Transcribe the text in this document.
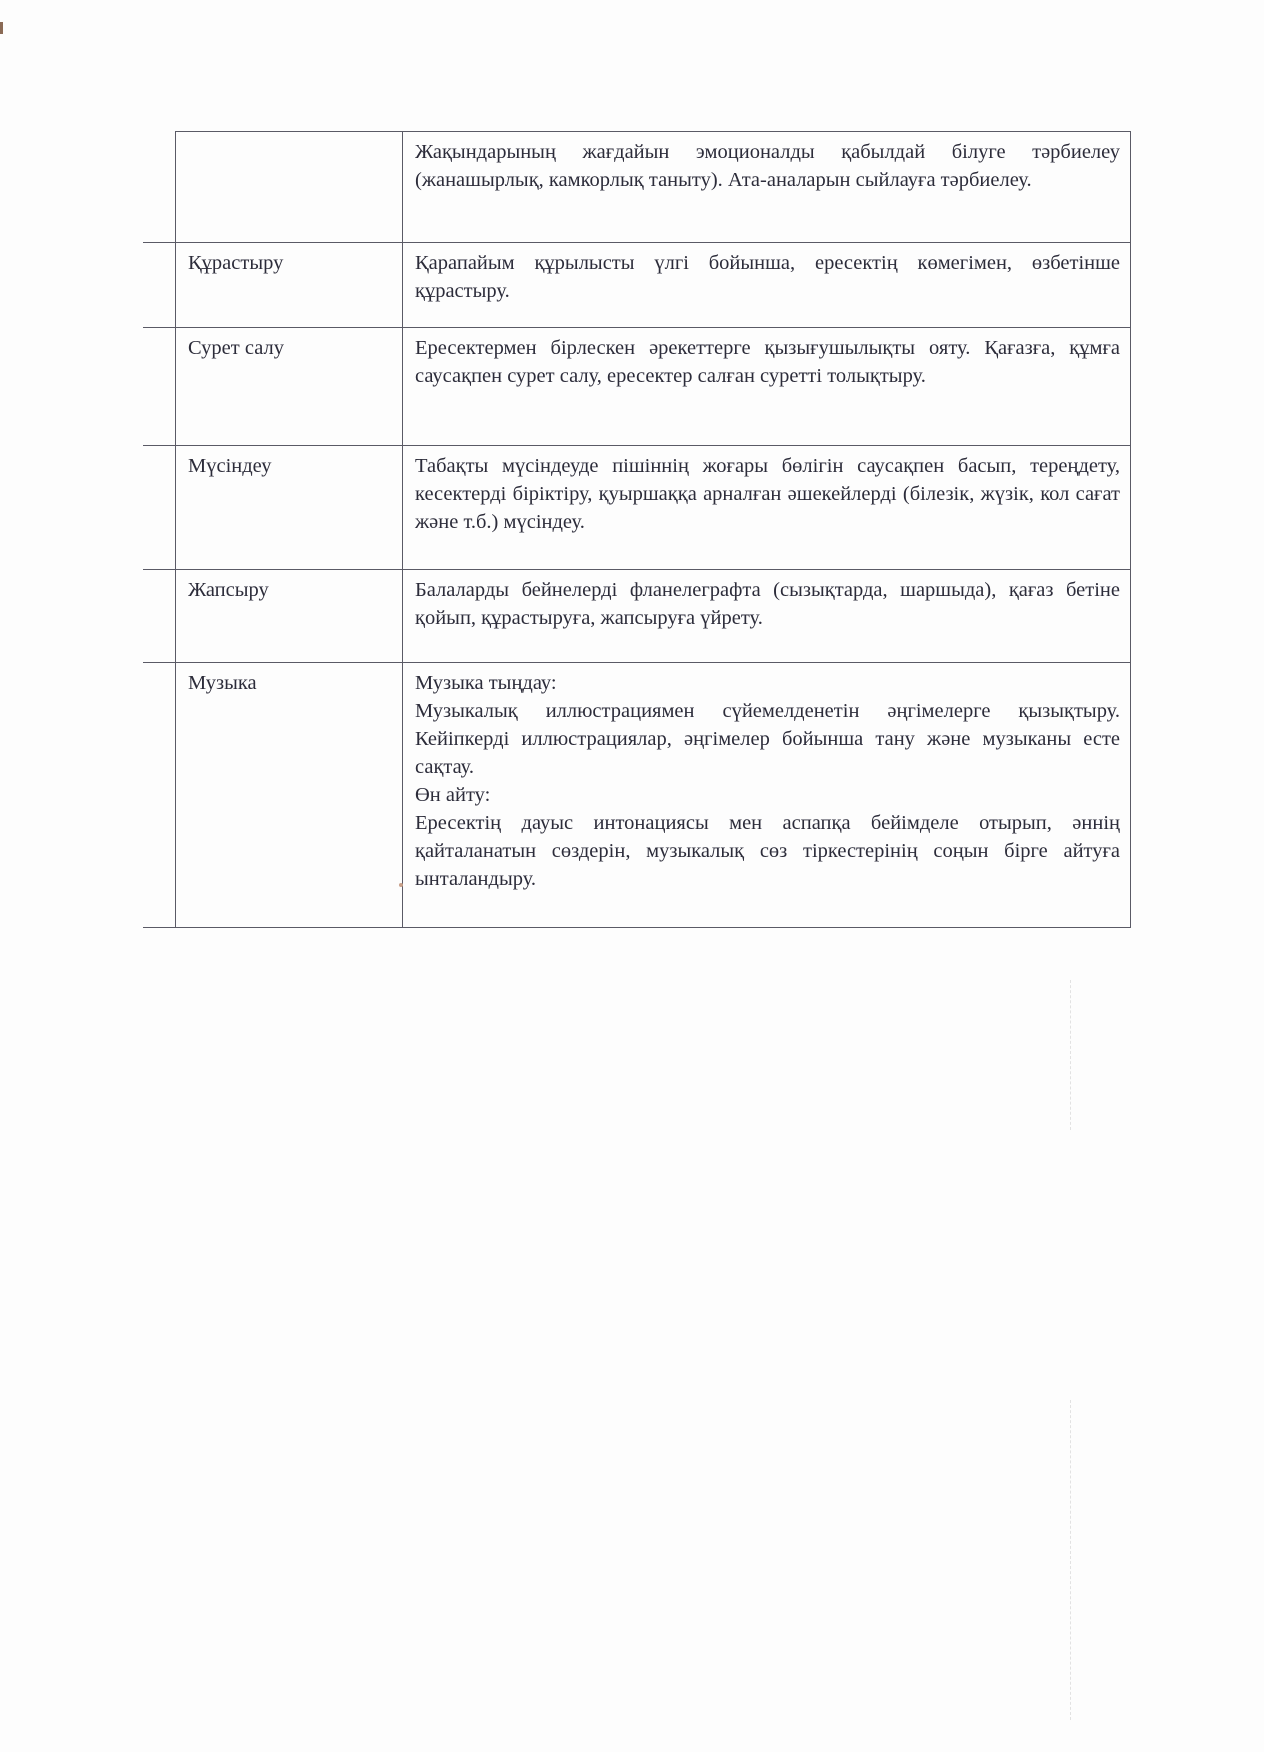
		Жақындарының жағдайын эмоционалды қабылдай білуге тәрбиелеу (жанашырлық, камкорлық таныту). Ата-аналарын сыйлауға тәрбиелеу.

	Құрастыру	Қарапайым құрылысты үлгі бойынша, ересектің көмегімен, өзбетінше құрастыру.

	Сурет салу	Ересектермен бірлескен әрекеттерге қызығушылықты ояту. Қағазға, құмға саусақпен сурет салу, ересектер салған суретті толықтыру.

	Мүсіндеу	Табақты мүсіндеуде пішіннің жоғары бөлігін саусақпен басып, тереңдету, кесектерді біріктіру, қуыршаққа арналған әшекейлерді (білезік, жүзік, кол сағат және т.б.) мүсіндеу.

	Жапсыру	Балаларды бейнелерді фланелеграфта (сызықтарда, шаршыда), қағаз бетіне қойып, құрастыруға, жапсыруға үйрету.

	Музыка	Музыка тыңдау:

Музыкалық иллюстрациямен сүйемелденетін әңгімелерге қызықтыру. Кейіпкерді иллюстрациялар, әңгімелер бойынша тану және музыканы есте сақтау.

Өн айту:

Ересектің дауыс интонациясы мен аспапқа бейімделе отырып, әннің қайталанатын сөздерін, музыкалық сөз тіркестерінің соңын бірге айтуға ынталандыру.
